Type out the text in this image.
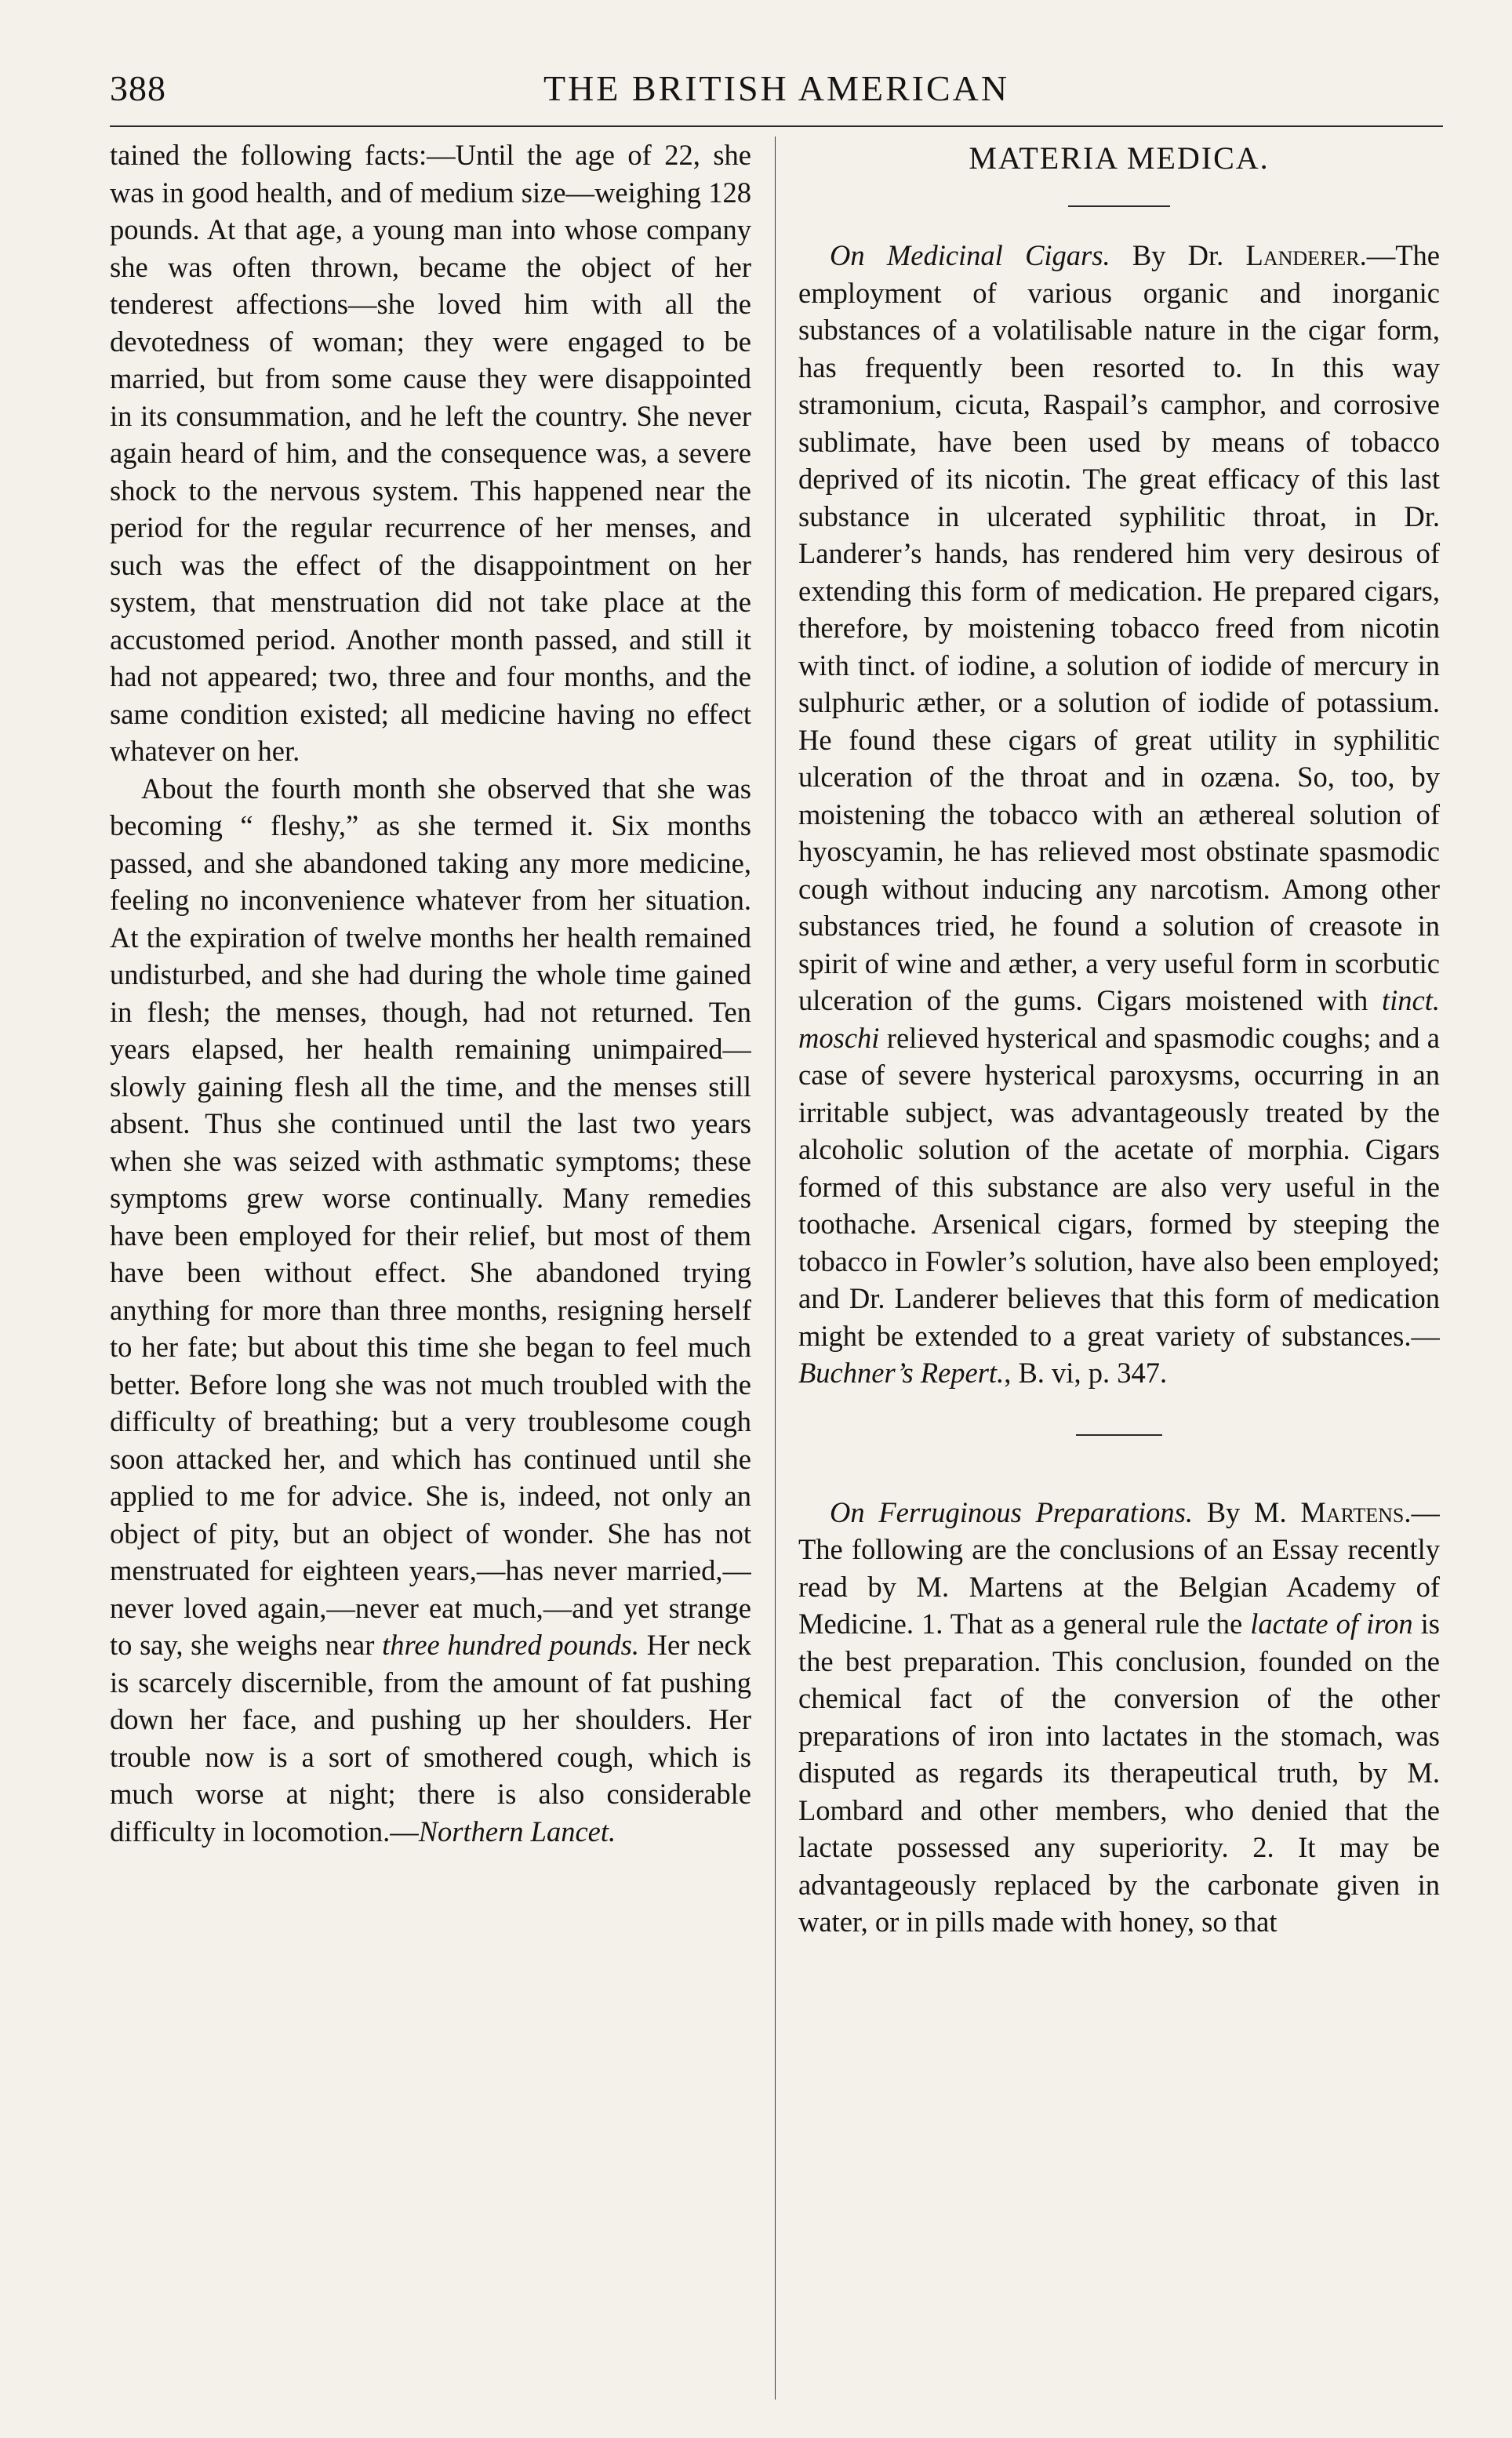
388	THE BRITISH AMERICAN

tained the following facts:—Until the age of 22, she was in good health, and of medium size—weighing 128 pounds. At that age, a young man into whose company she was often thrown, became the object of her tenderest affections—she loved him with all the devotedness of woman; they were engaged to be married, but from some cause they were disappointed in its consummation, and he left the country. She never again heard of him, and the consequence was, a severe shock to the nervous system. This happened near the period for the regular recurrence of her menses, and such was the effect of the disappointment on her system, that menstruation did not take place at the accustomed period. Another month passed, and still it had not appeared; two, three and four months, and the same condition existed; all medicine having no effect whatever on her.

About the fourth month she observed that she was becoming “ fleshy,” as she termed it. Six months passed, and she abandoned taking any more medicine, feeling no inconvenience whatever from her situation. At the expiration of twelve months her health remained undisturbed, and she had during the whole time gained in flesh; the menses, though, had not returned. Ten years elapsed, her health remaining unimpaired—slowly gaining flesh all the time, and the menses still absent. Thus she continued until the last two years when she was seized with asthmatic symptoms; these symptoms grew worse continually. Many remedies have been employed for their relief, but most of them have been without effect. She abandoned trying anything for more than three months, resigning herself to her fate; but about this time she began to feel much better. Before long she was not much troubled with the difficulty of breathing; but a very troublesome cough soon attacked her, and which has continued until she applied to me for advice. She is, indeed, not only an object of pity, but an object of wonder. She has not menstruated for eighteen years,—has never married,—never loved again,—never eat much,—and yet strange to say, she weighs near three hundred pounds. Her neck is scarcely discernible, from the amount of fat pushing down her face, and pushing up her shoulders. Her trouble now is a sort of smothered cough, which is much worse at night; there is also considerable difficulty in locomotion.—Northern Lancet.

MATERIA MEDICA.

On Medicinal Cigars. By Dr. Landerer.—The employment of various organic and inorganic substances of a volatilisable nature in the cigar form, has frequently been resorted to. In this way stramonium, cicuta, Raspail’s camphor, and corrosive sublimate, have been used by means of tobacco deprived of its nicotin. The great efficacy of this last substance in ulcerated syphilitic throat, in Dr. Landerer’s hands, has rendered him very desirous of extending this form of medication. He prepared cigars, therefore, by moistening tobacco freed from nicotin with tinct. of iodine, a solution of iodide of mercury in sulphuric æther, or a solution of iodide of potassium. He found these cigars of great utility in syphilitic ulceration of the throat and in ozæna. So, too, by moistening the tobacco with an æthereal solution of hyoscyamin, he has relieved most obstinate spasmodic cough without inducing any narcotism. Among other substances tried, he found a solution of creasote in spirit of wine and æther, a very useful form in scorbutic ulceration of the gums. Cigars moistened with tinct. moschi relieved hysterical and spasmodic coughs; and a case of severe hysterical paroxysms, occurring in an irritable subject, was advantageously treated by the alcoholic solution of the acetate of morphia. Cigars formed of this substance are also very useful in the toothache. Arsenical cigars, formed by steeping the tobacco in Fowler’s solution, have also been employed; and Dr. Landerer believes that this form of medication might be extended to a great variety of substances.—Buchner’s Repert., B. vi, p. 347.

On Ferruginous Preparations. By M. Martens.—The following are the conclusions of an Essay recently read by M. Martens at the Belgian Academy of Medicine. 1. That as a general rule the lactate of iron is the best preparation. This conclusion, founded on the chemical fact of the conversion of the other preparations of iron into lactates in the stomach, was disputed as regards its therapeutical truth, by M. Lombard and other members, who denied that the lactate possessed any superiority. 2. It may be advantageously replaced by the carbonate given in water, or in pills made with honey, so that
